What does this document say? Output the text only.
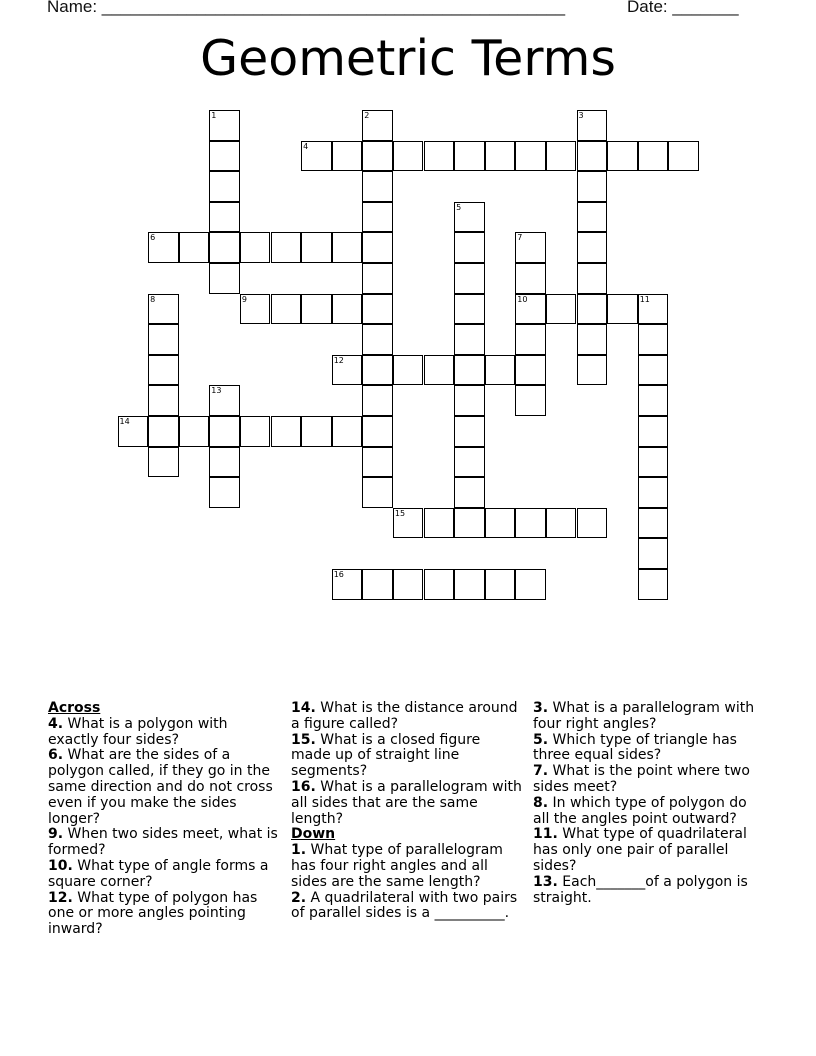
Name: _________________________________________________	Date: _______
Geometric Terms
1	2	3
4
5
6	7
8	9	10	11
12
13
14
15
16
Across
4. What is a polygon with exactly four sides?
6. What are the sides of a polygon called, if they go in the same direction and do not cross even if you make the sides longer?
9. When two sides meet, what is formed?
10. What type of angle forms a square corner?
12. What type of polygon has one or more angles pointing inward?
14. What is the distance around a figure called?
15. What is a closed figure made up of straight line segments?
16. What is a parallelogram with all sides that are the same length?
Down
1. What type of parallelogram has four right angles and all sides are the same length?
2. A quadrilateral with two pairs of parallel sides is a __________.
3. What is a parallelogram with four right angles?
5. Which type of triangle has three equal sides?
7. What is the point where two sides meet?
8. In which type of polygon do all the angles point outward?
11. What type of quadrilateral has only one pair of parallel sides?
13. Each_______of a polygon is straight.
